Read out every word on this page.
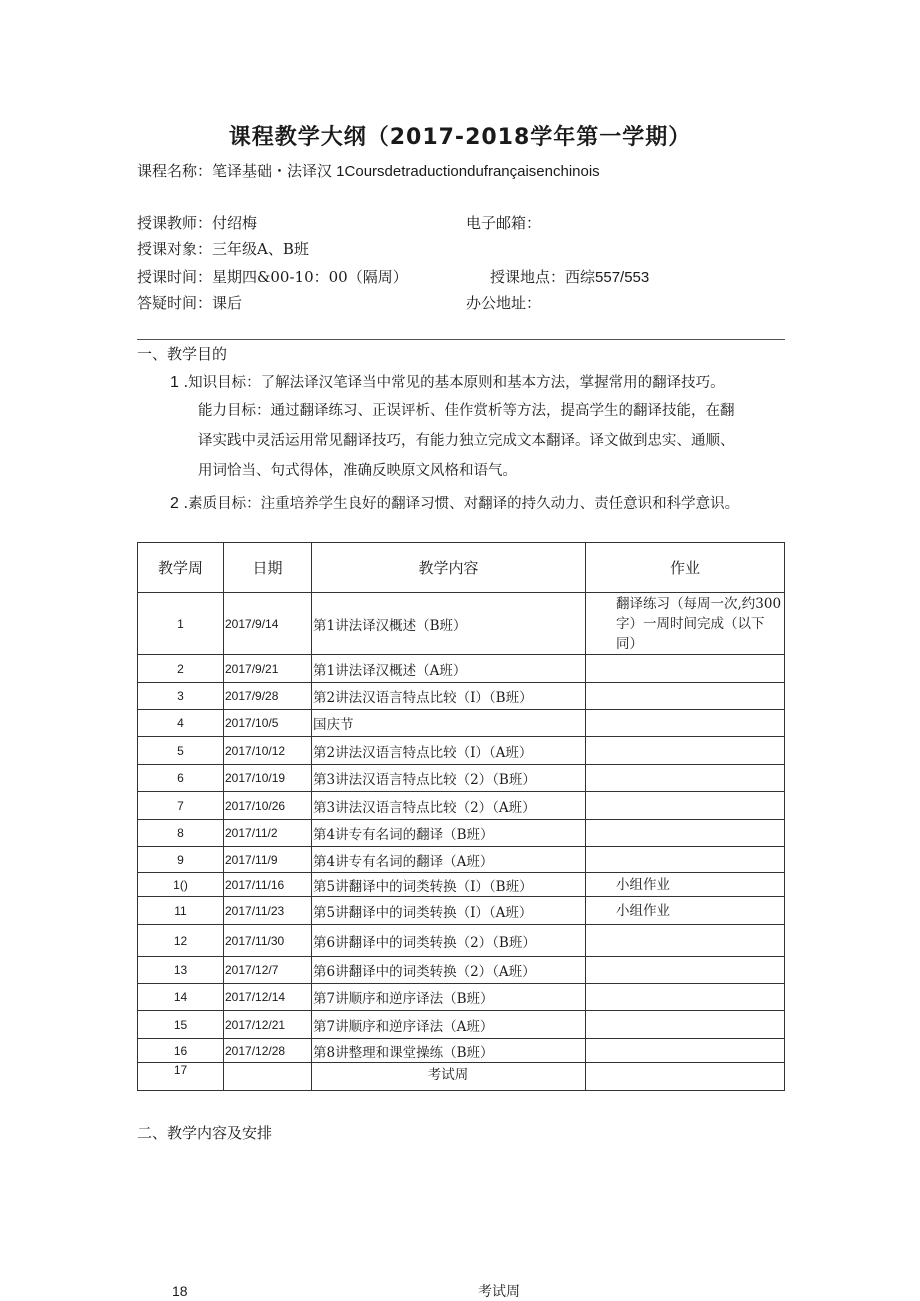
课程教学大纲（2017-2018学年第一学期）
课程名称：笔译基础・法译汉 1Coursdetraductiondufrançaisenchinois
授课教师：付绍梅	电子邮箱：
授课对象：三年级A、B班
授课时间：星期四&00-10：00（隔周）	授课地点：西综557/553
答疑时间：课后	办公地址：
一、教学目的
1 .知识目标：了解法译汉笔译当中常见的基本原则和基本方法，掌握常用的翻译技巧。
能力目标：通过翻译练习、正误评析、佳作赏析等方法，提高学生的翻译技能，在翻
译实践中灵活运用常见翻译技巧，有能力独立完成文本翻译。译文做到忠实、通顺、
用词恰当、句式得体，准确反映原文风格和语气。
2 .素质目标：注重培养学生良好的翻译习惯、对翻译的持久动力、责任意识和科学意识。
教学周	日期	教学内容	作业
1	2017/9/14	第1讲法译汉概述（B班）	翻译练习（每周一次,约300字）一周时间完成（以下同）
2	2017/9/21	第1讲法译汉概述（A班）	
3	2017/9/28	第2讲法汉语言特点比较（I）（B班）	
4	2017/10/5	国庆节	
5	2017/10/12	第2讲法汉语言特点比较（I）（A班）	
6	2017/10/19	第3讲法汉语言特点比较（2）（B班）	
7	2017/10/26	第3讲法汉语言特点比较（2）（A班）	
8	2017/11/2	第4讲专有名词的翻译（B班）	
9	2017/11/9	第4讲专有名词的翻译（A班）	
1()	2017/11/16	第5讲翻译中的词类转换（I）（B班）	小组作业
11	2017/11/23	第5讲翻译中的词类转换（I）（A班）	小组作业
12	2017/11/30	第6讲翻译中的词类转换（2）（B班）	
13	2017/12/7	第6讲翻译中的词类转换（2）（A班）	
14	2017/12/14	第7讲顺序和逆序译法（B班）	
15	2017/12/21	第7讲顺序和逆序译法（A班）	
16	2017/12/28	第8讲整理和课堂操练（B班）	
17		考试周	
二、教学内容及安排
18	考试周
